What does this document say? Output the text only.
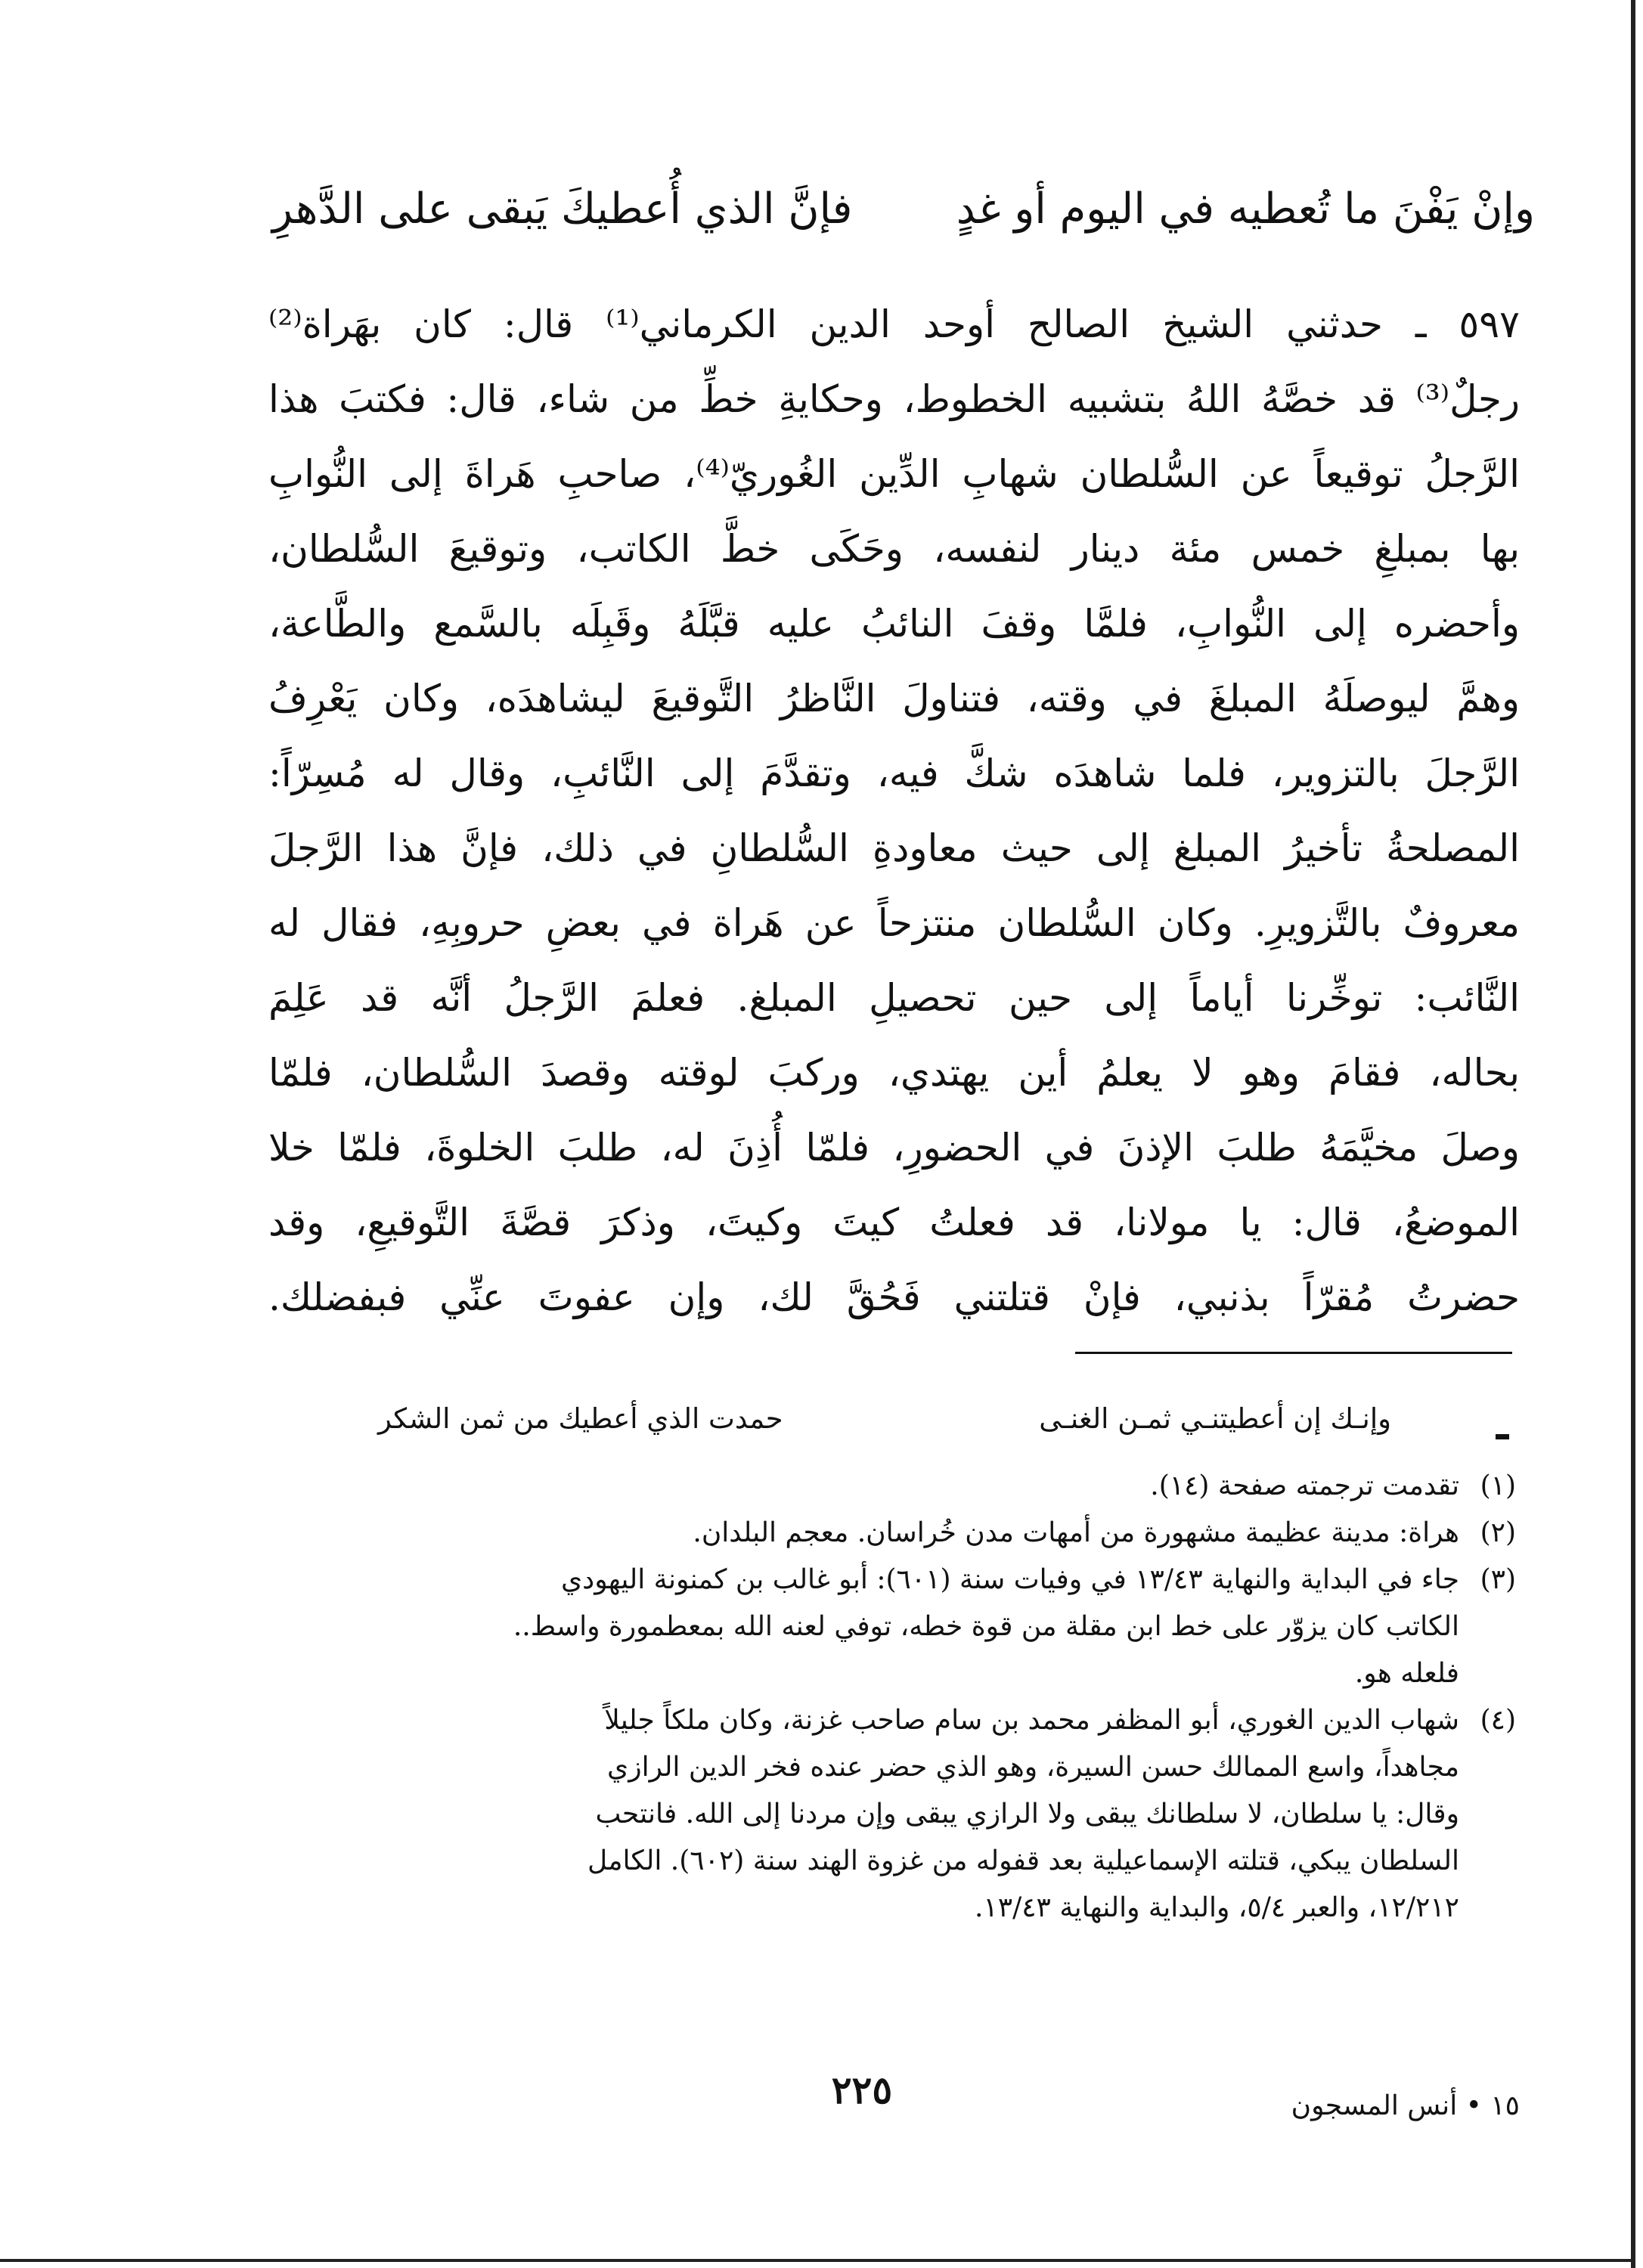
وإنْ يَفْنَ ما تُعطيه في اليوم أو غدٍ
فإنَّ الذي أُعطيكَ يَبقى على الدَّهرِ
٥٩٧ ـ حدثني الشيخ الصالح أوحد الدين الكرماني⁽¹⁾ قال: كان بهَراة⁽²⁾
رجلٌ⁽³⁾ قد خصَّهُ اللهُ بتشبيه الخطوط، وحكايةِ خطِّ من شاء، قال: فكتبَ هذا
الرَّجلُ توقيعاً عن السُّلطان شهابِ الدِّين الغُوريّ⁽⁴⁾، صاحبِ هَراةَ إلى النُّوابِ
بها بمبلغِ خمس مئة دينار لنفسه، وحَكَى خطَّ الكاتب، وتوقيعَ السُّلطان،
وأحضره إلى النُّوابِ، فلمَّا وقفَ النائبُ عليه قبَّلَهُ وقَبِلَه بالسَّمع والطَّاعة،
وهمَّ ليوصلَهُ المبلغَ في وقته، فتناولَ النَّاظرُ التَّوقيعَ ليشاهدَه، وكان يَعْرِفُ
الرَّجلَ بالتزوير، فلما شاهدَه شكَّ فيه، وتقدَّمَ إلى النَّائبِ، وقال له مُسِرّاً:
المصلحةُ تأخيرُ المبلغ إلى حيث معاودةِ السُّلطانِ في ذلك، فإنَّ هذا الرَّجلَ
معروفٌ بالتَّزويرِ. وكان السُّلطان منتزحاً عن هَراة في بعضِ حروبِهِ، فقال له
النَّائب: توخِّرنا أياماً إلى حين تحصيلِ المبلغ. فعلمَ الرَّجلُ أنَّه قد عَلِمَ
بحاله، فقامَ وهو لا يعلمُ أين يهتدي، وركبَ لوقته وقصدَ السُّلطان، فلمّا
وصلَ مخيَّمَهُ طلبَ الإذنَ في الحضورِ، فلمّا أُذِنَ له، طلبَ الخلوةَ، فلمّا خلا
الموضعُ، قال: يا مولانا، قد فعلتُ كيتَ وكيتَ، وذكرَ قصَّةَ التَّوقيعِ، وقد
حضرتُ مُقرّاً بذنبي، فإنْ قتلتني فَحُقَّ لك، وإن عفوتَ عنِّي فبفضلك.
وإنـك إن أعطيتنـي ثمـن الغنـى
حمدت الذي أعطيك من ثمن الشكر
(١)
تقدمت ترجمته صفحة (١٤).
(٢)
هراة: مدينة عظيمة مشهورة من أمهات مدن خُراسان. معجم البلدان.
(٣)
جاء في البداية والنهاية ١٣/٤٣ في وفيات سنة (٦٠١): أبو غالب بن كمنونة اليهودي
الكاتب كان يزوّر على خط ابن مقلة من قوة خطه، توفي لعنه الله بمعطمورة واسط..
فلعله هو.
(٤)
شهاب الدين الغوري، أبو المظفر محمد بن سام صاحب غزنة، وكان ملكاً جليلاً
مجاهداً، واسع الممالك حسن السيرة، وهو الذي حضر عنده فخر الدين الرازي
وقال: يا سلطان، لا سلطانك يبقى ولا الرازي يبقى وإن مردنا إلى الله. فانتحب
السلطان يبكي، قتلته الإسماعيلية بعد قفوله من غزوة الهند سنة (٦٠٢). الكامل
١٢/٢١٢، والعبر ٥/٤، والبداية والنهاية ١٣/٤٣.
٢٢٥	١٥ • أنس المسجون
